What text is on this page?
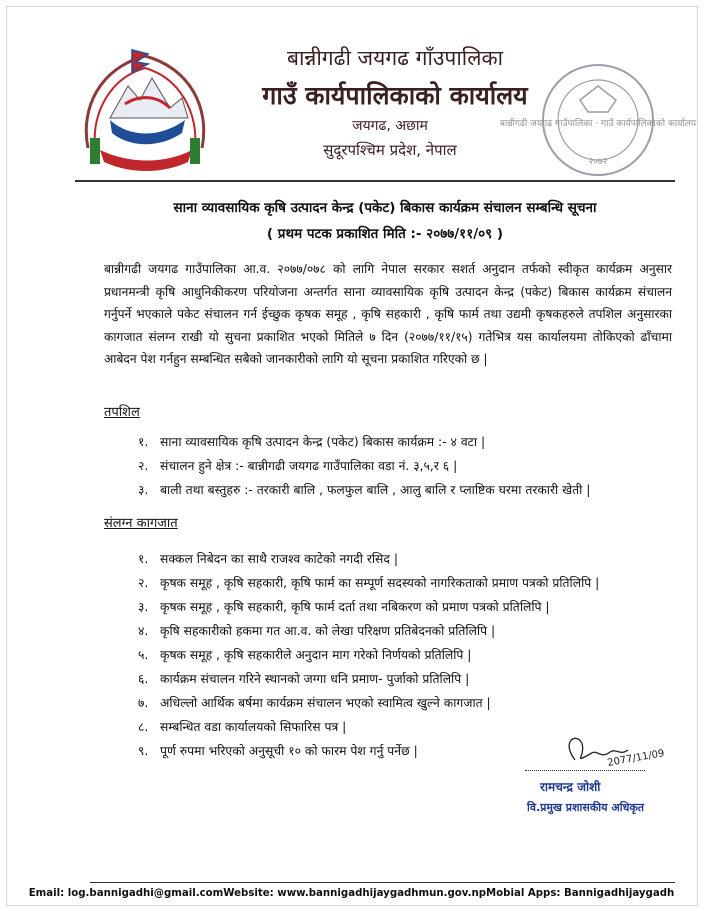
बान्नीगढी जयगढ गाँउपालिका
गाउँ कार्यपालिकाको कार्यालय
जयगढ, अछाम
सुदूरपश्चिम प्रदेश, नेपाल
बान्नीगढी जयगढ गाउँपालिका · गाउँ कार्यपालिकाको कार्यालय
२०७२
साना व्यावसायिक कृषि उत्पादन केन्द्र (पकेट) बिकास कार्यक्रम संचालन सम्बन्धि सूचना
( प्रथम पटक प्रकाशित मिति :- २०७७/११/०९ )
बान्नीगढी जयगढ गाउँपालिका आ.व. २०७७/०७८ को लागि नेपाल सरकार सशर्त अनुदान तर्फको स्वीकृत कार्यक्रम अनुसार प्रधानमन्त्री कृषि आधुनिकीकरण परियोजना अन्तर्गत साना व्यावसायिक कृषि उत्पादन केन्द्र (पकेट) बिकास कार्यक्रम संचालन गर्नुपर्ने भएकाले पकेट संचालन गर्न ईच्छुक कृषक समूह , कृषि सहकारी , कृषि फार्म तथा उद्यमी कृषकहरुले तपशिल अनुसारका कागजात संलग्न राखी यो सुचना प्रकाशित भएको मितिले ७ दिन (२०७७/११/१५) गतेभित्र यस कार्यालयमा तोकिएको ढाँचामा आबेदन पेश गर्नहुन सम्बन्धित सबैको जानकारीको लागि यो सूचना प्रकाशित गरिएको छ |
तपशिल
१. साना व्यावसायिक कृषि उत्पादन केन्द्र (पकेट) बिकास कार्यक्रम :- ४ वटा |
२. संचालन हुने क्षेत्र :- बान्नीगढी जयगढ गाउँपालिका वडा नं. ३,५,र ६ |
३. बाली तथा बस्तुहरु :- तरकारी बालि , फलफुल बालि , आलु बालि र प्लाष्टिक घरमा तरकारी खेती |
संलग्न कागजात
१. सक्कल निबेदन का साथै राजश्व काटेको नगदी रसिद |
२. कृषक समूह , कृषि सहकारी, कृषि फार्म का सम्पूर्ण सदस्यको नागरिकताको प्रमाण पत्रको प्रतिलिपि |
३. कृषक समूह , कृषि सहकारी, कृषि फार्म दर्ता तथा नबिकरण को प्रमाण पत्रको प्रतिलिपि |
४. कृषि सहकारीको हकमा गत आ.व. को लेखा परिक्षण प्रतिबेदनको प्रतिलिपि |
५. कृषक समूह , कृषि सहकारीले अनुदान माग गरेको निर्णयको प्रतिलिपि |
६. कार्यक्रम संचालन गरिने स्थानको जग्गा धनि प्रमाण- पुर्जाको प्रतिलिपि |
७. अधिल्लो आर्थिक बर्षमा कार्यक्रम संचालन भएको स्वामित्व खुल्ने कागजात |
८. सम्बन्धित वडा कार्यालयको सिफारिस पत्र |
९. पूर्ण रुपमा भरिएको अनुसूची १० को फारम पेश गर्नु पर्नेछ |	2077/11/09
रामचन्द्र जोशी
वि.प्रमुख प्रशासकीय अधिकृत
Email: log.bannigadhi@gmail.comWebsite: www.bannigadhijaygadhmun.gov.npMobial Apps: Bannigadhijaygadh
